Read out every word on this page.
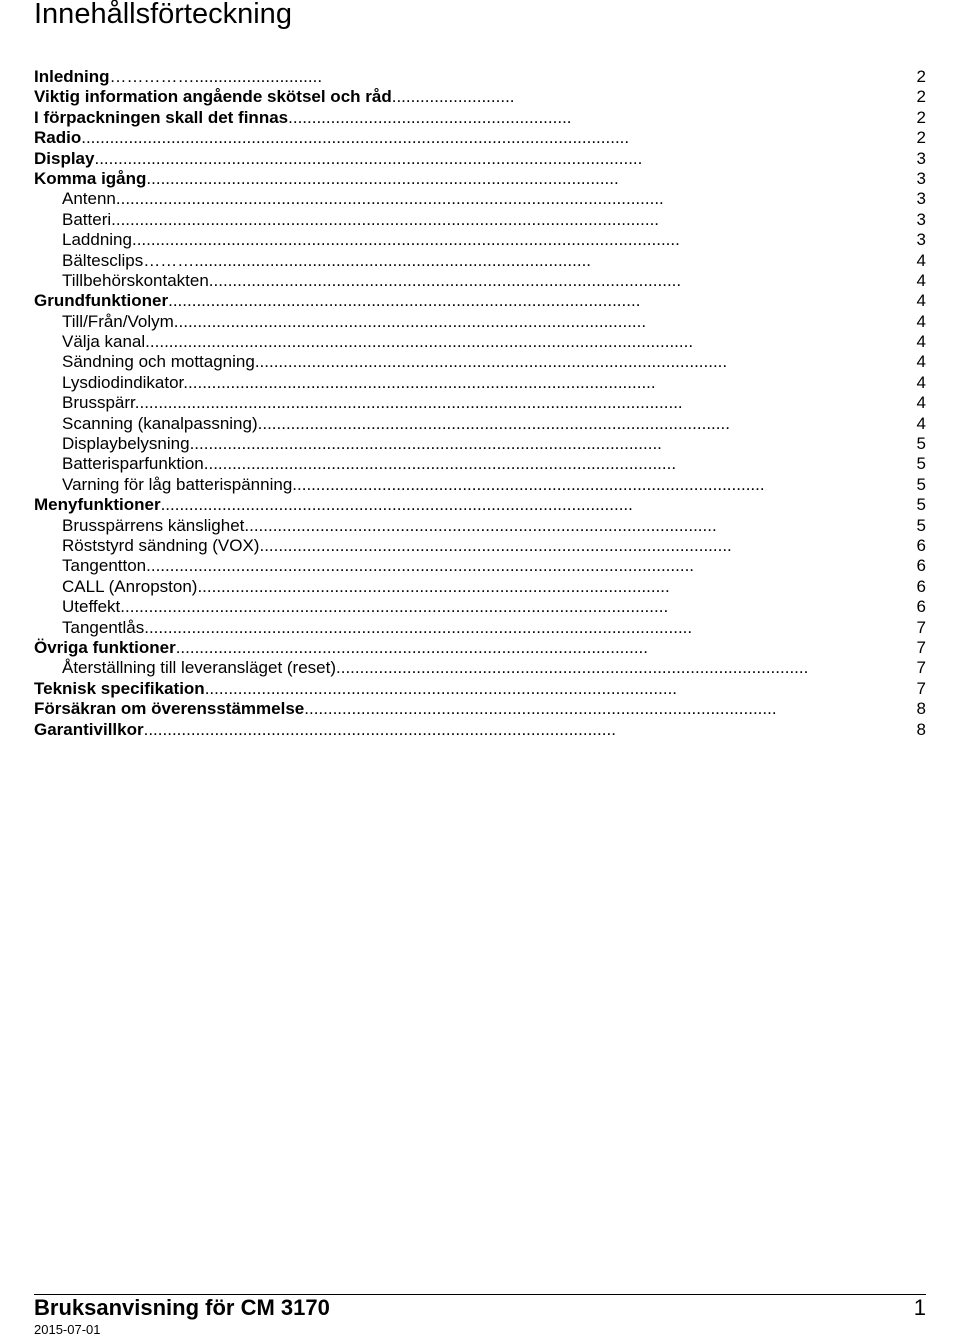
Innehållsförteckning
Inledning……………...........................	2
Viktig information angående skötsel och råd..........................	2
I förpackningen skall det finnas............................................................	2
Radio....................................................................................................................	2
Display....................................................................................................................	3
Komma igång....................................................................................................	3
Antenn....................................................................................................................	3
Batteri....................................................................................................................	3
Laddning....................................................................................................................	3
Bältesclips………....................................................................................	4
Tillbehörskontakten....................................................................................................	4
Grundfunktioner....................................................................................................	4
Till/Från/Volym....................................................................................................	4
Välja kanal....................................................................................................................	4
Sändning och mottagning....................................................................................................	4
Lysdiodindikator....................................................................................................	4
Brusspärr....................................................................................................................	4
Scanning (kanalpassning)....................................................................................................	4
Displaybelysning....................................................................................................	5
Batterisparfunktion....................................................................................................	5
Varning för låg batterispänning....................................................................................................	5
Menyfunktioner....................................................................................................	5
Brusspärrens känslighet....................................................................................................	5
Röststyrd sändning (VOX)....................................................................................................	6
Tangentton....................................................................................................................	6
CALL (Anropston)....................................................................................................	6
Uteffekt....................................................................................................................	6
Tangentlås....................................................................................................................	7
Övriga funktioner....................................................................................................	7
Återställning till leveransläget (reset)....................................................................................................	7
Teknisk specifikation....................................................................................................	7
Försäkran om överensstämmelse....................................................................................................	8
Garantivillkor....................................................................................................	8
Bruksanvisning för CM 3170	1
2015-07-01
